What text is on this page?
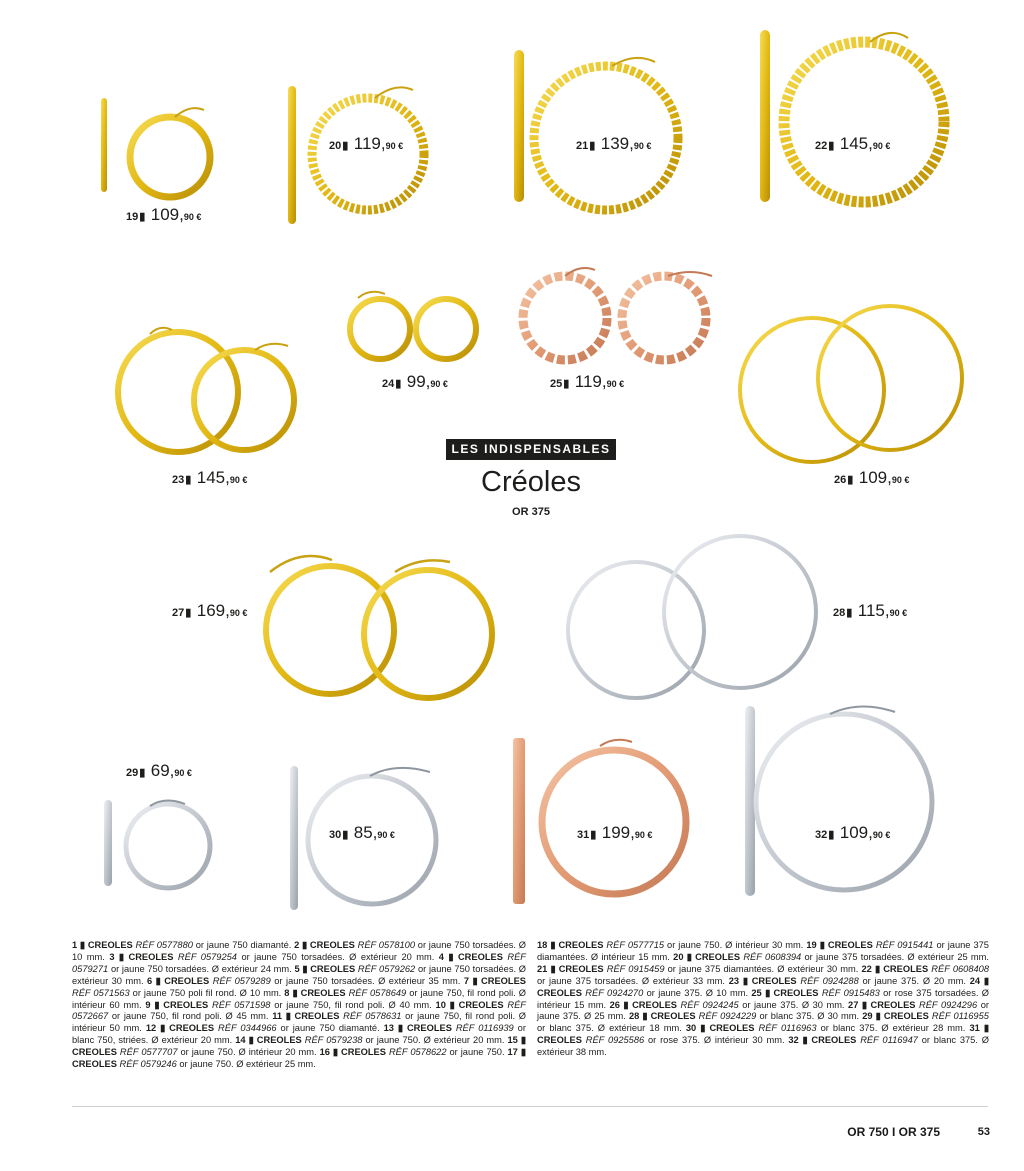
19▮ 109,90 €
20▮ 119,90 €	21▮ 139,90 €	22▮ 145,90 €
23▮ 145,90 €
24▮ 99,90 €	25▮ 119,90 €
26▮ 109,90 €
27▮ 169,90 €	28▮ 115,90 €
29▮ 69,90 €
30▮ 85,90 €	31▮ 199,90 €	32▮ 109,90 €
LES INDISPENSABLES
Créoles
OR 375

1 ▮ CREOLES RÉF 0577880 or jaune 750 diamanté. 2 ▮ CREOLES RÉF 0578100 or jaune 750 torsadées. Ø 10 mm. 3 ▮ CREOLES RÉF 0579254 or jaune 750 torsadées. Ø extérieur 20 mm. 4 ▮ CREOLES RÉF 0579271 or jaune 750 torsadées. Ø extérieur 24 mm. 5 ▮ CREOLES RÉF 0579262 or jaune 750 torsadées. Ø extérieur 30 mm. 6 ▮ CREOLES RÉF 0579289 or jaune 750 torsadées. Ø extérieur 35 mm. 7 ▮ CREOLES RÉF 0571563 or jaune 750 poli fil rond. Ø 10 mm. 8 ▮ CREOLES RÉF 0578649 or jaune 750, fil rond poli. Ø intérieur 60 mm. 9 ▮ CREOLES RÉF 0571598 or jaune 750, fil rond poli. Ø 40 mm. 10 ▮ CREOLES RÉF 0572667 or jaune 750, fil rond poli. Ø 45 mm. 11 ▮ CREOLES RÉF 0578631 or jaune 750, fil rond poli. Ø intérieur 50 mm. 12 ▮ CREOLES RÉF 0344966 or jaune 750 diamanté. 13 ▮ CREOLES RÉF 0116939 or blanc 750, striées. Ø extérieur 20 mm. 14 ▮ CREOLES RÉF 0579238 or jaune 750. Ø extérieur 20 mm. 15 ▮ CREOLES RÉF 0577707 or jaune 750. Ø intérieur 20 mm. 16 ▮ CREOLES RÉF 0578622 or jaune 750. 17 ▮ CREOLES RÉF 0579246 or jaune 750. Ø extérieur 25 mm.

18 ▮ CREOLES RÉF 0577715 or jaune 750. Ø intérieur 30 mm. 19 ▮ CREOLES RÉF 0915441 or jaune 375 diamantées. Ø intérieur 15 mm. 20 ▮ CREOLES RÉF 0608394 or jaune 375 torsadées. Ø extérieur 25 mm. 21 ▮ CREOLES RÉF 0915459 or jaune 375 diamantées. Ø extérieur 30 mm. 22 ▮ CREOLES RÉF 0608408 or jaune 375 torsadées. Ø extérieur 33 mm. 23 ▮ CREOLES RÉF 0924288 or jaune 375. Ø 20 mm. 24 ▮ CREOLES RÉF 0924270 or jaune 375. Ø 10 mm. 25 ▮ CREOLES RÉF 0915483 or rose 375 torsadées. Ø intérieur 15 mm. 26 ▮ CREOLES RÉF 0924245 or jaune 375. Ø 30 mm. 27 ▮ CREOLES RÉF 0924296 or jaune 375. Ø 25 mm. 28 ▮ CREOLES RÉF 0924229 or blanc 375. Ø 30 mm. 29 ▮ CREOLES RÉF 0116955 or blanc 375. Ø extérieur 18 mm. 30 ▮ CREOLES RÉF 0116963 or blanc 375. Ø extérieur 28 mm. 31 ▮ CREOLES RÉF 0925586 or rose 375. Ø intérieur 30 mm. 32 ▮ CREOLES RÉF 0116947 or blanc 375. Ø extérieur 38 mm.

OR 750 I OR 375	53
